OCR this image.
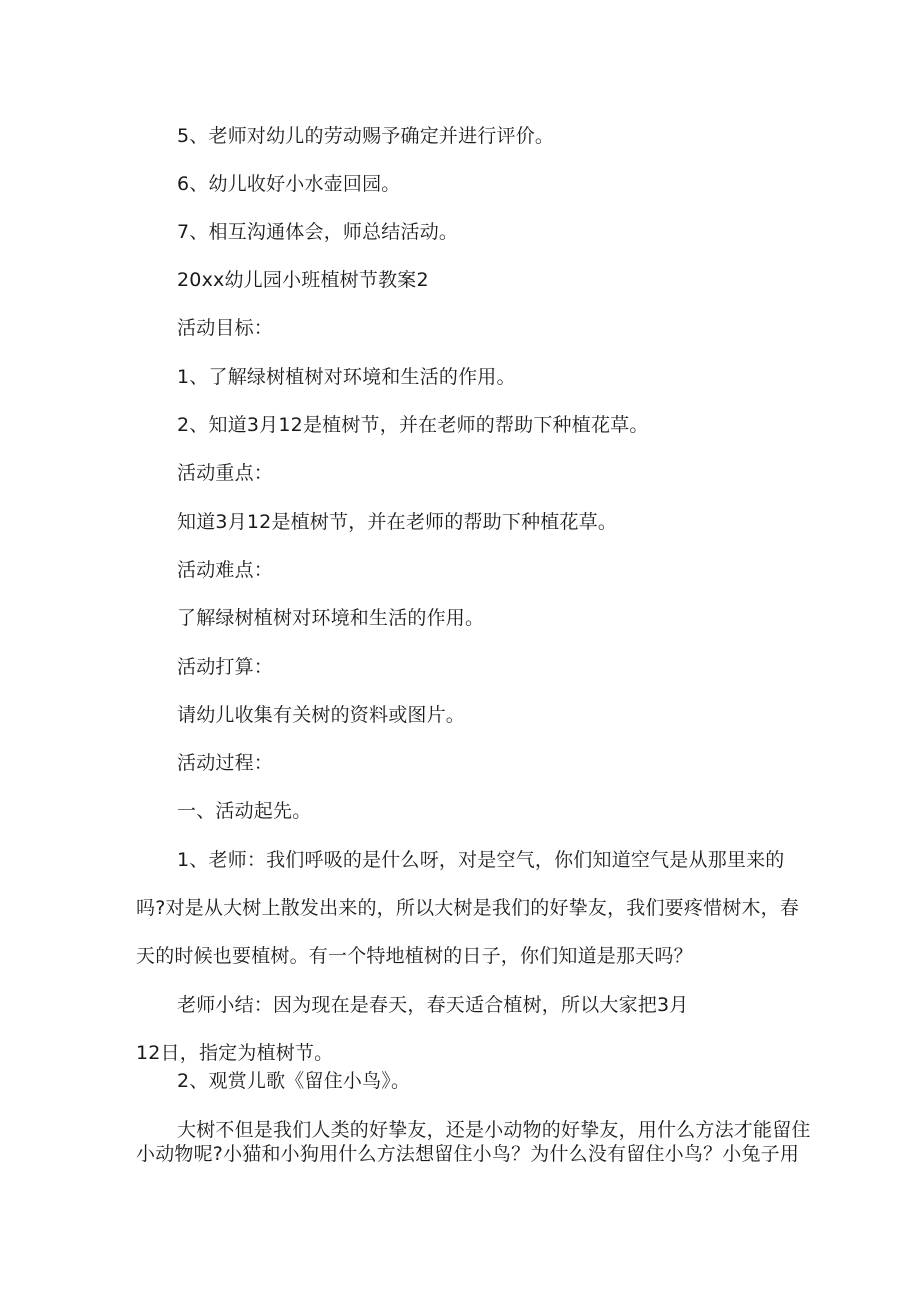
5、老师对幼儿的劳动赐予确定并进行评价。
6、幼儿收好小水壶回园。
7、相互沟通体会，师总结活动。
20xx幼儿园小班植树节教案2
活动目标：
1、了解绿树植树对环境和生活的作用。
2、知道3月12是植树节，并在老师的帮助下种植花草。
活动重点：
知道3月12是植树节，并在老师的帮助下种植花草。
活动难点：
了解绿树植树对环境和生活的作用。
活动打算：
请幼儿收集有关树的资料或图片。
活动过程：
一、活动起先。
1、老师：我们呼吸的是什么呀，对是空气，你们知道空气是从那里来的
吗?对是从大树上散发出来的，所以大树是我们的好挚友，我们要疼惜树木，春
天的时候也要植树。有一个特地植树的日子，你们知道是那天吗？
老师小结：因为现在是春天，春天适合植树，所以大家把3月
12日，指定为植树节。
2、观赏儿歌《留住小鸟》。
大树不但是我们人类的好挚友，还是小动物的好挚友，用什么方法才能留住
小动物呢?小猫和小狗用什么方法想留住小鸟？为什么没有留住小鸟？小兔子用
